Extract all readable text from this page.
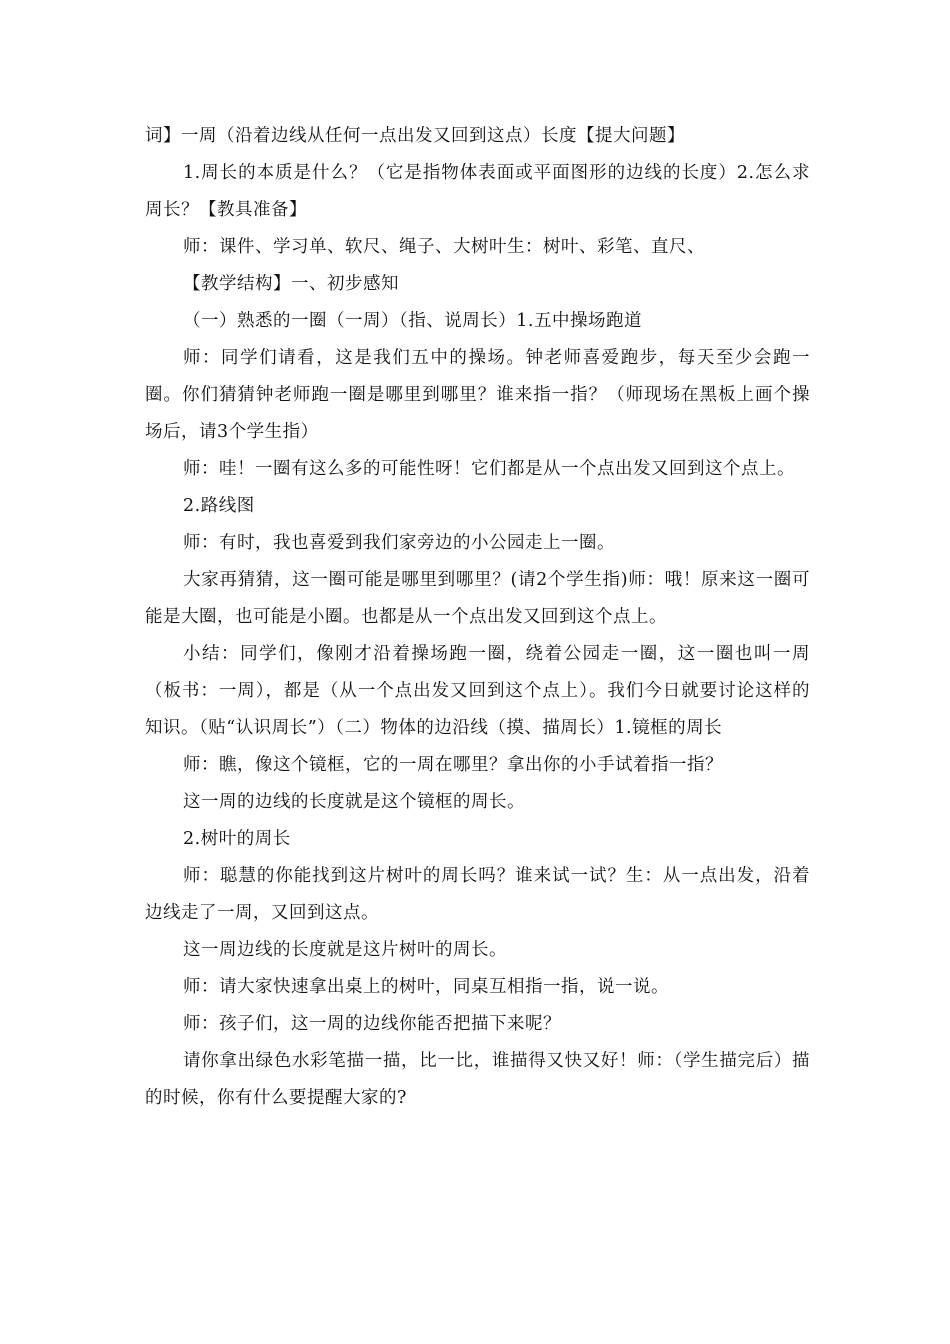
词】一周（沿着边线从任何一点出发又回到这点）长度【提大问题】

1.周长的本质是什么？（它是指物体表面或平面图形的边线的长度）2.怎么求周长？【教具准备】

师：课件、学习单、软尺、绳子、大树叶生：树叶、彩笔、直尺、

【教学结构】一、初步感知

（一）熟悉的一圈（一周）（指、说周长）1.五中操场跑道

师：同学们请看，这是我们五中的操场。钟老师喜爱跑步，每天至少会跑一圈。你们猜猜钟老师跑一圈是哪里到哪里？谁来指一指？（师现场在黑板上画个操场后，请3个学生指）

师：哇！一圈有这么多的可能性呀！它们都是从一个点出发又回到这个点上。

2.路线图

师：有时，我也喜爱到我们家旁边的小公园走上一圈。

大家再猜猜，这一圈可能是哪里到哪里？(请2个学生指)师：哦！原来这一圈可能是大圈，也可能是小圈。也都是从一个点出发又回到这个点上。

小结：同学们，像刚才沿着操场跑一圈，绕着公园走一圈，这一圈也叫一周（板书：一周），都是（从一个点出发又回到这个点上）。我们今日就要讨论这样的知识。（贴“认识周长”）（二）物体的边沿线（摸、描周长）1.镜框的周长

师：瞧，像这个镜框，它的一周在哪里？拿出你的小手试着指一指？

这一周的边线的长度就是这个镜框的周长。

2.树叶的周长

师：聪慧的你能找到这片树叶的周长吗？谁来试一试？生：从一点出发，沿着边线走了一周，又回到这点。

这一周边线的长度就是这片树叶的周长。

师：请大家快速拿出桌上的树叶，同桌互相指一指，说一说。

师：孩子们，这一周的边线你能否把描下来呢？

请你拿出绿色水彩笔描一描，比一比，谁描得又快又好！师：（学生描完后）描的时候，你有什么要提醒大家的?
